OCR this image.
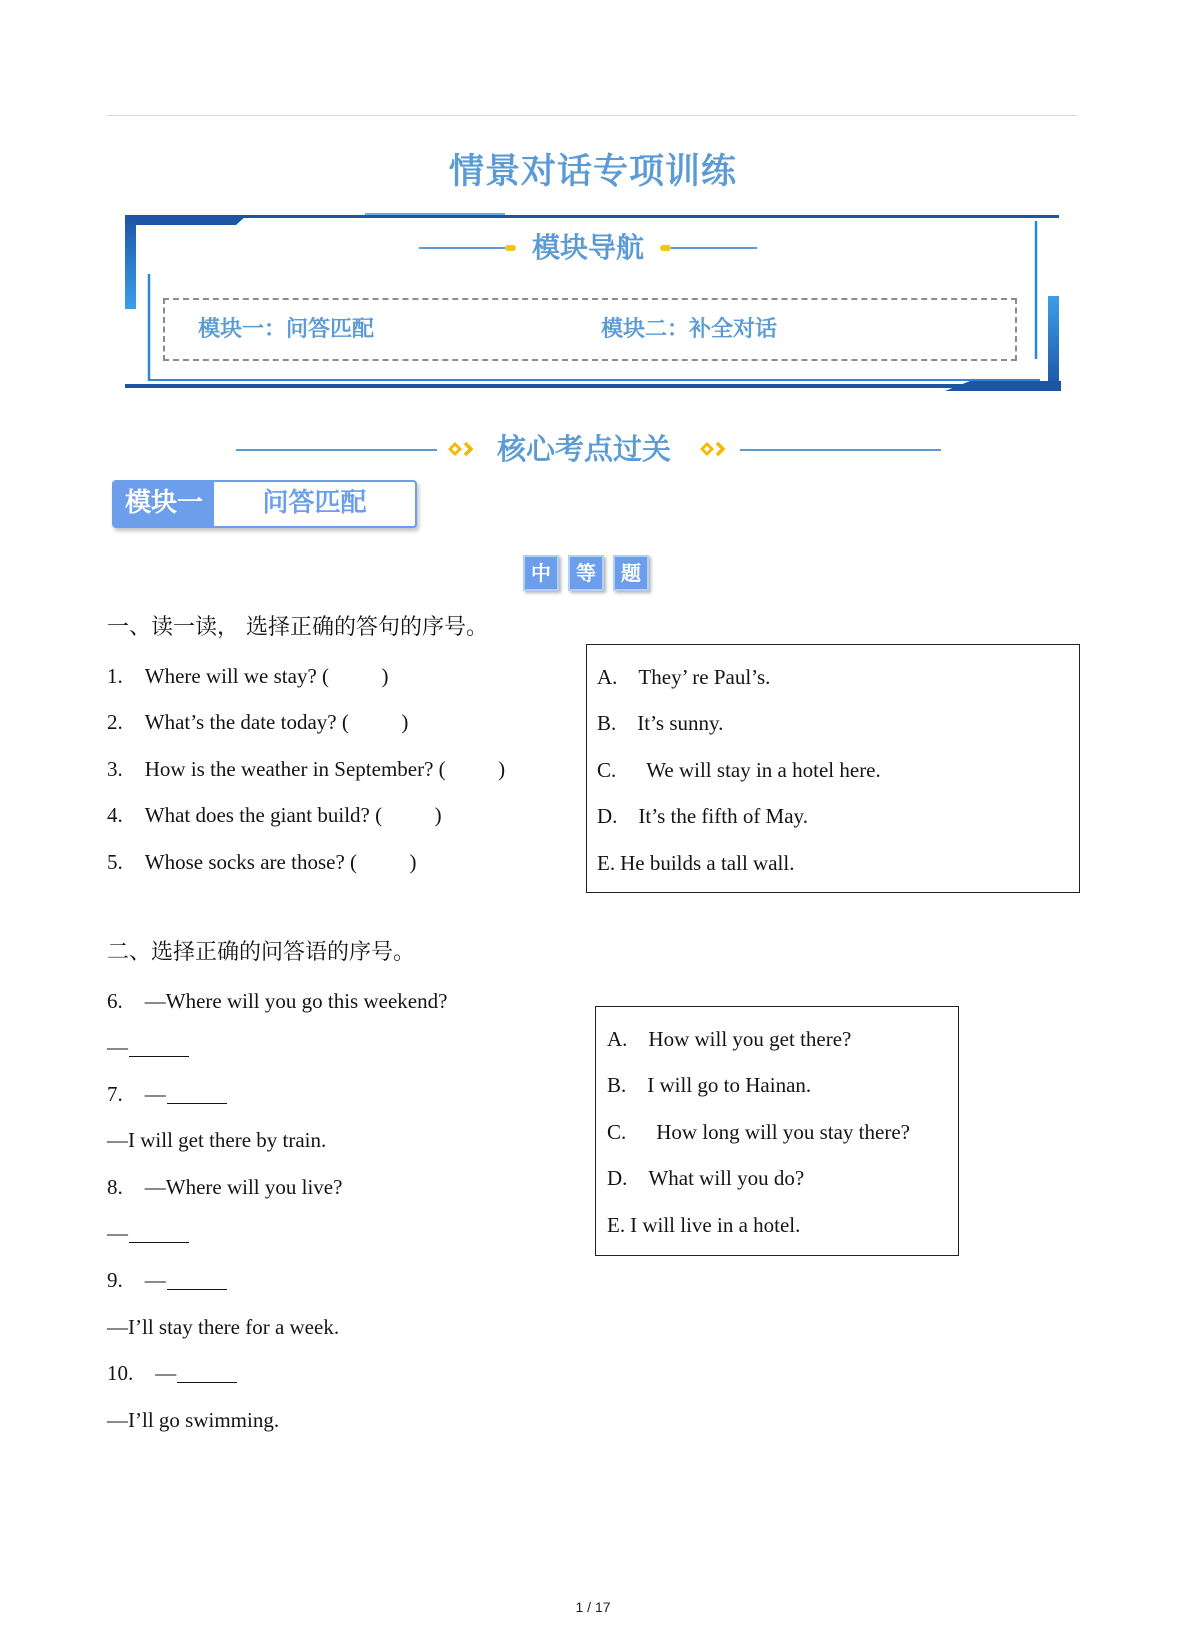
情景对话专项训练
模块导航
模块一：问答匹配	模块二：补全对话
核心考点过关
模块一	问答匹配
中	等	题
一、读一读， 选择正确的答句的序号。
1. Where will we stay? (          )
2. What’s the date today? (          )
3. How is the weather in September? (          )
4. What does the giant build? (          )
5. Whose socks are those? (          )
A. They’ re Paul’s.
B. It’s sunny.
C. We will stay in a hotel here.
D. It’s the fifth of May.
E. He builds a tall wall.
二、选择正确的问答语的序号。
6. —Where will you go this weekend?
—
7. —
—I will get there by train.
8. —Where will you live?
—
9. —
—I’ll stay there for a week.
10. —
—I’ll go swimming.
A. How will you get there?
B. I will go to Hainan.
C. How long will you stay there?
D. What will you do?
E. I will live in a hotel.
1 / 17
